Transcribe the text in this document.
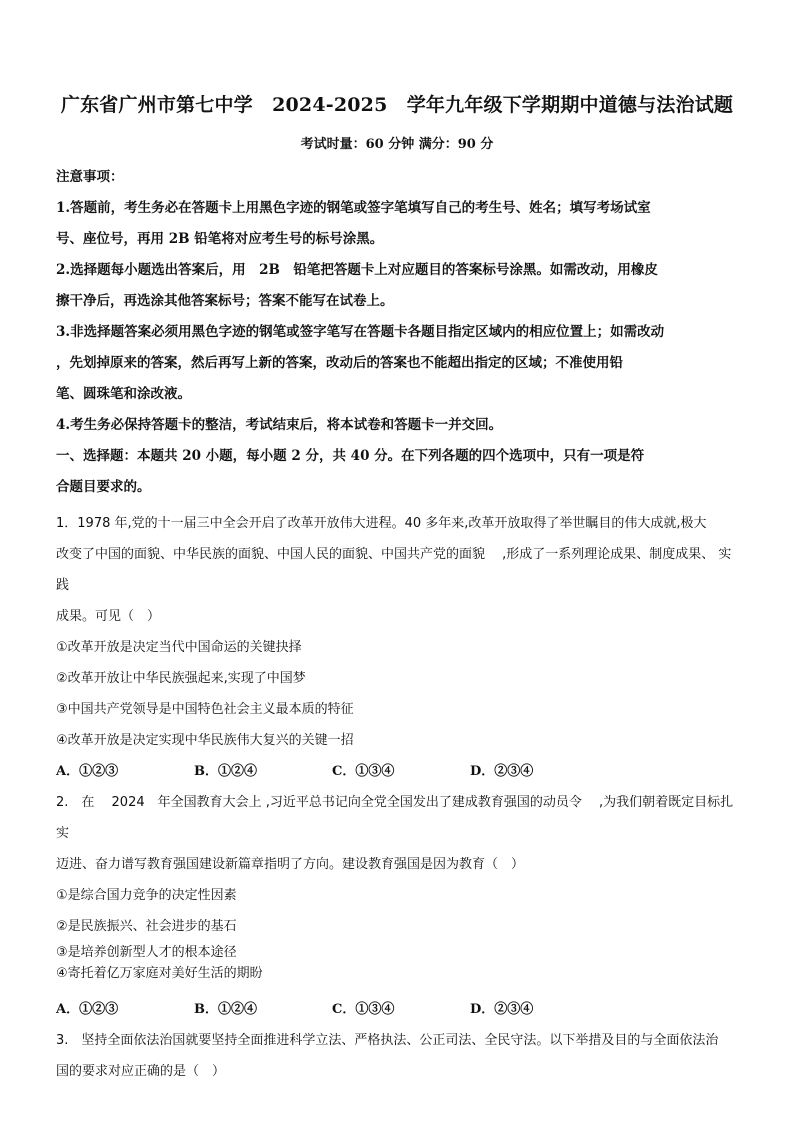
广东省广州市第七中学　2024-2025　学年九年级下学期期中道德与法治试题
考试时量：60 分钟 满分：90 分

注意事项：

1.答题前，考生务必在答题卡上用黑色字迹的钢笔或签字笔填写自己的考生号、姓名；填写考场试室

号、座位号，再用 2B 铅笔将对应考生号的标号涂黑。

2.选择题每小题选出答案后，用　2B　铅笔把答题卡上对应题目的答案标号涂黑。如需改动，用橡皮

擦干净后，再选涂其他答案标号；答案不能写在试卷上。

3.非选择题答案必须用黑色字迹的钢笔或签字笔写在答题卡各题目指定区域内的相应位置上；如需改动

，先划掉原来的答案，然后再写上新的答案，改动后的答案也不能超出指定的区域；不准使用铅

笔、圆珠笔和涂改液。

4.考生务必保持答题卡的整洁，考试结束后，将本试卷和答题卡一并交回。

一、选择题：本题共 20 小题，每小题 2 分，共 40 分。在下列各题的四个选项中，只有一项是符

合题目要求的。

1．1978 年,党的十一届三中全会开启了改革开放伟大进程。40 多年来,改革开放取得了举世瞩目的伟大成就,极大

改变了中国的面貌、中华民族的面貌、中国人民的面貌、中国共产党的面貌　 ,形成了一系列理论成果、制度成果、 实践

成果。可见（　）

①改革开放是决定当代中国命运的关键抉择

②改革开放让中华民族强起来,实现了中国梦

③中国共产党领导是中国特色社会主义最本质的特征

④改革开放是决定实现中华民族伟大复兴的关键一招

A．①②③	B．①②④	C．①③④	D．②③④

2.　在　 2024　年全国教育大会上 ,习近平总书记向全党全国发出了建成教育强国的动员令　 ,为我们朝着既定目标扎实

迈进、奋力谱写教育强国建设新篇章指明了方向。建设教育强国是因为教育（　）

①是综合国力竞争的决定性因素

②是民族振兴、社会进步的基石

③是培养创新型人才的根本途径

④寄托着亿万家庭对美好生活的期盼

A．①②③	B．①②④	C．①③④	D．②③④

3.　坚持全面依法治国就要坚持全面推进科学立法、严格执法、公正司法、全民守法。以下举措及目的与全面依法治

国的要求对应正确的是（　）
